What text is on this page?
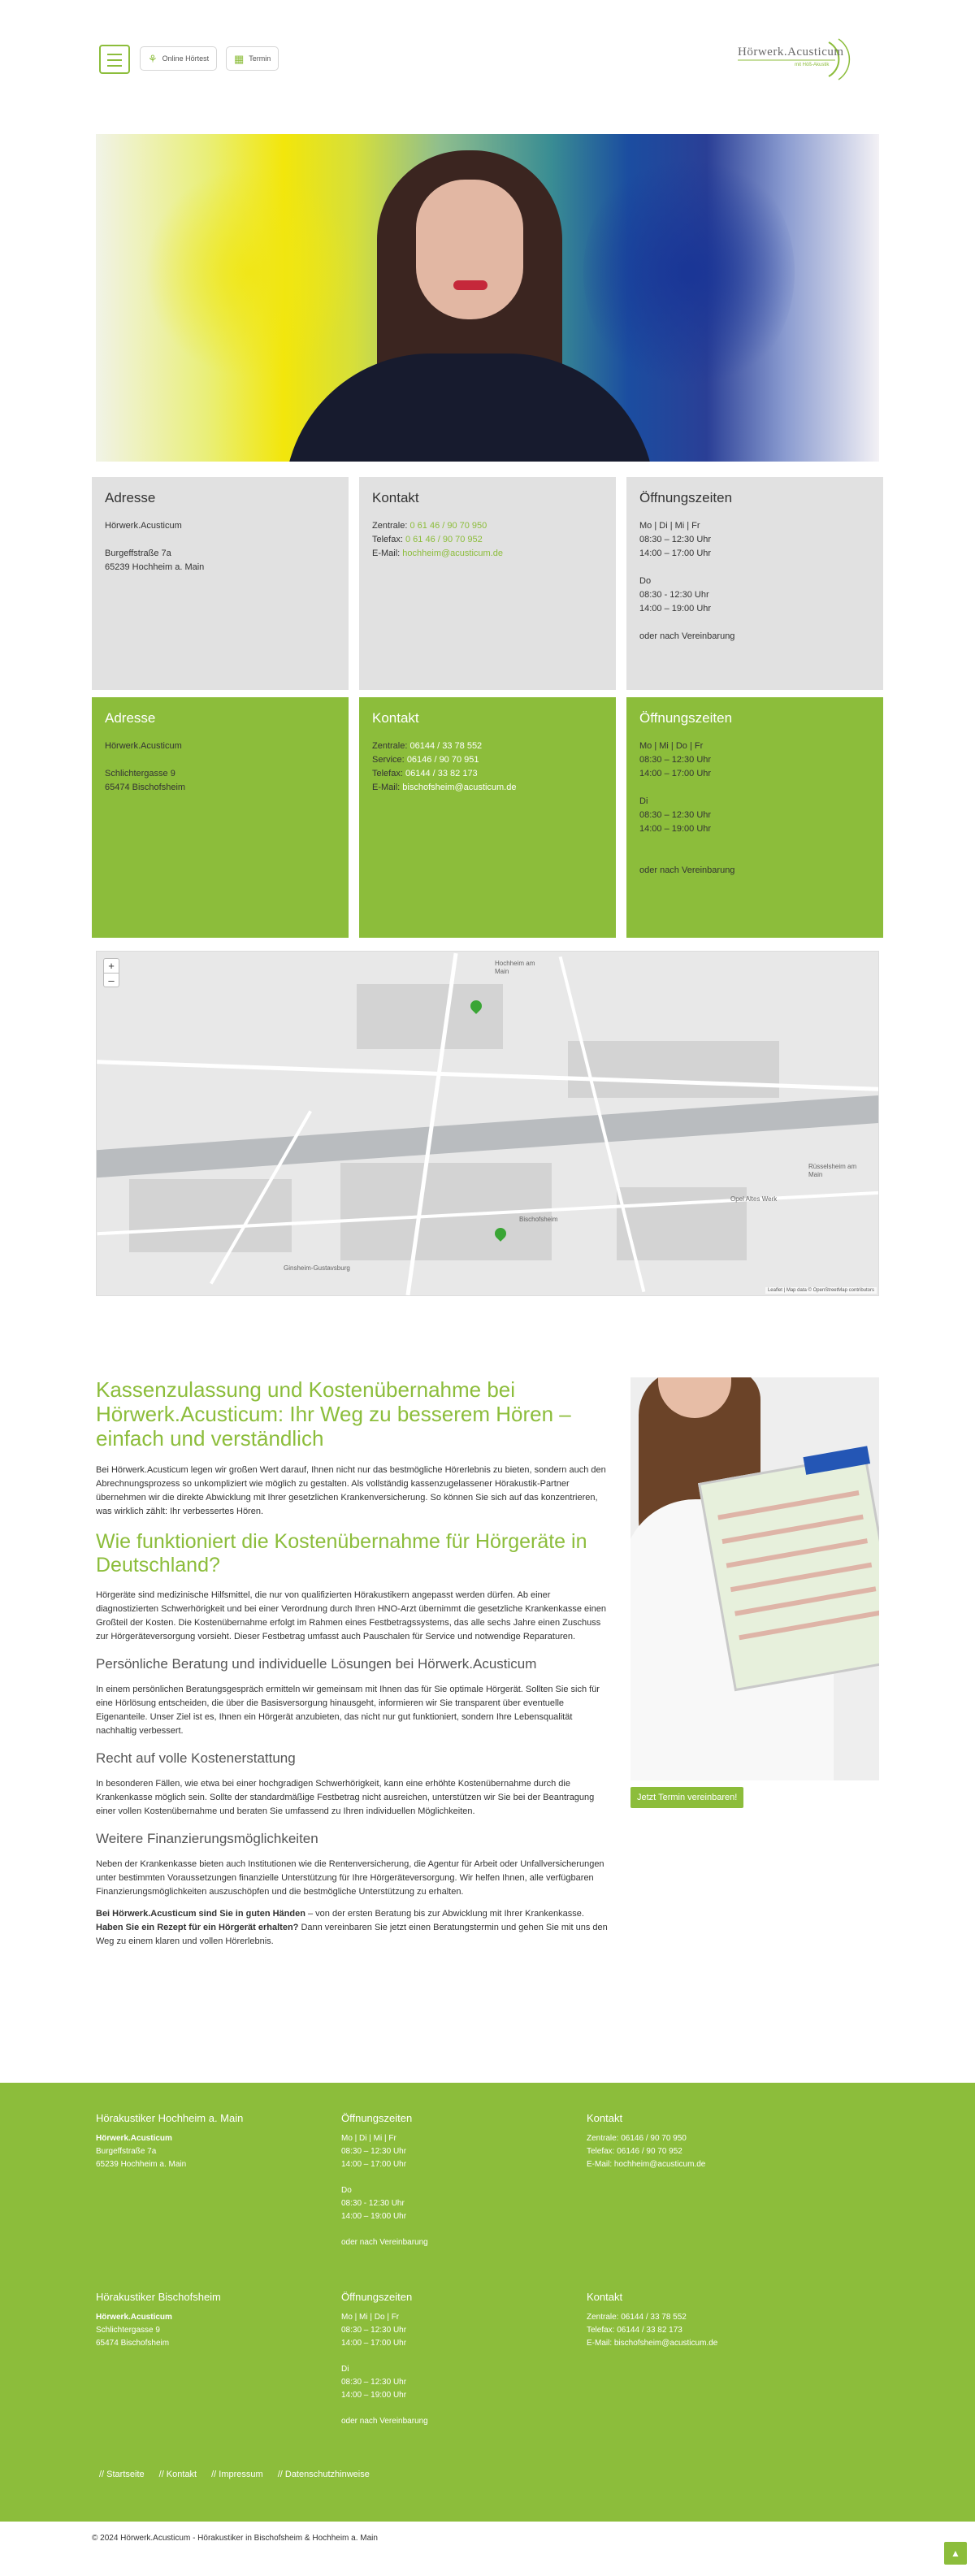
⚘ Online Hörtest ▦ Termin	Hörwerk.Acusticum
mit Höß-Akustik
Adresse

Hörwerk.Acusticum

Burgeffstraße 7a

65239 Hochheim a. Main

Kontakt

Zentrale: 0 61 46 / 90 70 950

Telefax: 0 61 46 / 90 70 952

E-Mail: hochheim@acusticum.de

Öffnungszeiten

Mo | Di | Mi | Fr

08:30 – 12:30 Uhr

14:00 – 17:00 Uhr

Do

08:30 - 12:30 Uhr

14:00 – 19:00 Uhr

oder nach Vereinbarung

Adresse

Hörwerk.Acusticum

Schlichtergasse 9

65474 Bischofsheim

Kontakt

Zentrale: 06144 / 33 78 552

Service: 06146 / 90 70 951

Telefax: 06144 / 33 82 173

E-Mail: bischofsheim@acusticum.de

Öffnungszeiten

Mo | Mi | Do | Fr

08:30 – 12:30 Uhr

14:00 – 17:00 Uhr

Di

08:30 – 12:30 Uhr

14:00 – 19:00 Uhr

oder nach Vereinbarung

Hochheim am Main
Bischofsheim
Ginsheim-Gustavsburg
Rüsselsheim am Main
Opel Altes Werk
+
–
Leaflet | Map data © OpenStreetMap contributors
Kassenzulassung und Kostenübernahme bei Hörwerk.Acusticum: Ihr Weg zu besserem Hören – einfach und verständlich

Bei Hörwerk.Acusticum legen wir großen Wert darauf, Ihnen nicht nur das bestmögliche Hörerlebnis zu bieten, sondern auch den Abrechnungsprozess so unkompliziert wie möglich zu gestalten. Als vollständig kassenzugelassener Hörakustik-Partner übernehmen wir die direkte Abwicklung mit Ihrer gesetzlichen Krankenversicherung. So können Sie sich auf das konzentrieren, was wirklich zählt: Ihr verbessertes Hören.

Wie funktioniert die Kostenübernahme für Hörgeräte in Deutschland?

Hörgeräte sind medizinische Hilfsmittel, die nur von qualifizierten Hörakustikern angepasst werden dürfen. Ab einer diagnostizierten Schwerhörigkeit und bei einer Verordnung durch Ihren HNO-Arzt übernimmt die gesetzliche Krankenkasse einen Großteil der Kosten. Die Kostenübernahme erfolgt im Rahmen eines Festbetragssystems, das alle sechs Jahre einen Zuschuss zur Hörgeräteversorgung vorsieht. Dieser Festbetrag umfasst auch Pauschalen für Service und notwendige Reparaturen.

Persönliche Beratung und individuelle Lösungen bei Hörwerk.Acusticum

In einem persönlichen Beratungsgespräch ermitteln wir gemeinsam mit Ihnen das für Sie optimale Hörgerät. Sollten Sie sich für eine Hörlösung entscheiden, die über die Basisversorgung hinausgeht, informieren wir Sie transparent über eventuelle Eigenanteile. Unser Ziel ist es, Ihnen ein Hörgerät anzubieten, das nicht nur gut funktioniert, sondern Ihre Lebensqualität nachhaltig verbessert.

Recht auf volle Kostenerstattung

In besonderen Fällen, wie etwa bei einer hochgradigen Schwerhörigkeit, kann eine erhöhte Kostenübernahme durch die Krankenkasse möglich sein. Sollte der standardmäßige Festbetrag nicht ausreichen, unterstützen wir Sie bei der Beantragung einer vollen Kostenübernahme und beraten Sie umfassend zu Ihren individuellen Möglichkeiten.

Weitere Finanzierungsmöglichkeiten

Neben der Krankenkasse bieten auch Institutionen wie die Rentenversicherung, die Agentur für Arbeit oder Unfallversicherungen unter bestimmten Voraussetzungen finanzielle Unterstützung für Ihre Hörgeräteversorgung. Wir helfen Ihnen, alle verfügbaren Finanzierungsmöglichkeiten auszuschöpfen und die bestmögliche Unterstützung zu erhalten.

Bei Hörwerk.Acusticum sind Sie in guten Händen – von der ersten Beratung bis zur Abwicklung mit Ihrer Krankenkasse. Haben Sie ein Rezept für ein Hörgerät erhalten? Dann vereinbaren Sie jetzt einen Beratungstermin und gehen Sie mit uns den Weg zu einem klaren und vollen Hörerlebnis.

Jetzt Termin vereinbaren!
Hörakustiker Hochheim a. Main

Hörwerk.Acusticum

Burgeffstraße 7a

65239 Hochheim a. Main

Öffnungszeiten

Mo | Di | Mi | Fr

08:30 – 12:30 Uhr

14:00 – 17:00 Uhr

Do

08:30 - 12:30 Uhr

14:00 – 19:00 Uhr

oder nach Vereinbarung

Kontakt

Zentrale: 06146 / 90 70 950

Telefax: 06146 / 90 70 952

E-Mail: hochheim@acusticum.de

Hörakustiker Bischofsheim

Hörwerk.Acusticum

Schlichtergasse 9

65474 Bischofsheim

Öffnungszeiten

Mo | Mi | Do | Fr

08:30 – 12:30 Uhr

14:00 – 17:00 Uhr

Di

08:30 – 12:30 Uhr

14:00 – 19:00 Uhr

oder nach Vereinbarung

Kontakt

Zentrale: 06144 / 33 78 552

Telefax: 06144 / 33 82 173

E-Mail: bischofsheim@acusticum.de

// Startseite // Kontakt // Impressum // Datenschutzhinweise
© 2024 Hörwerk.Acusticum - Hörakustiker in Bischofsheim & Hochheim a. Main
▲
